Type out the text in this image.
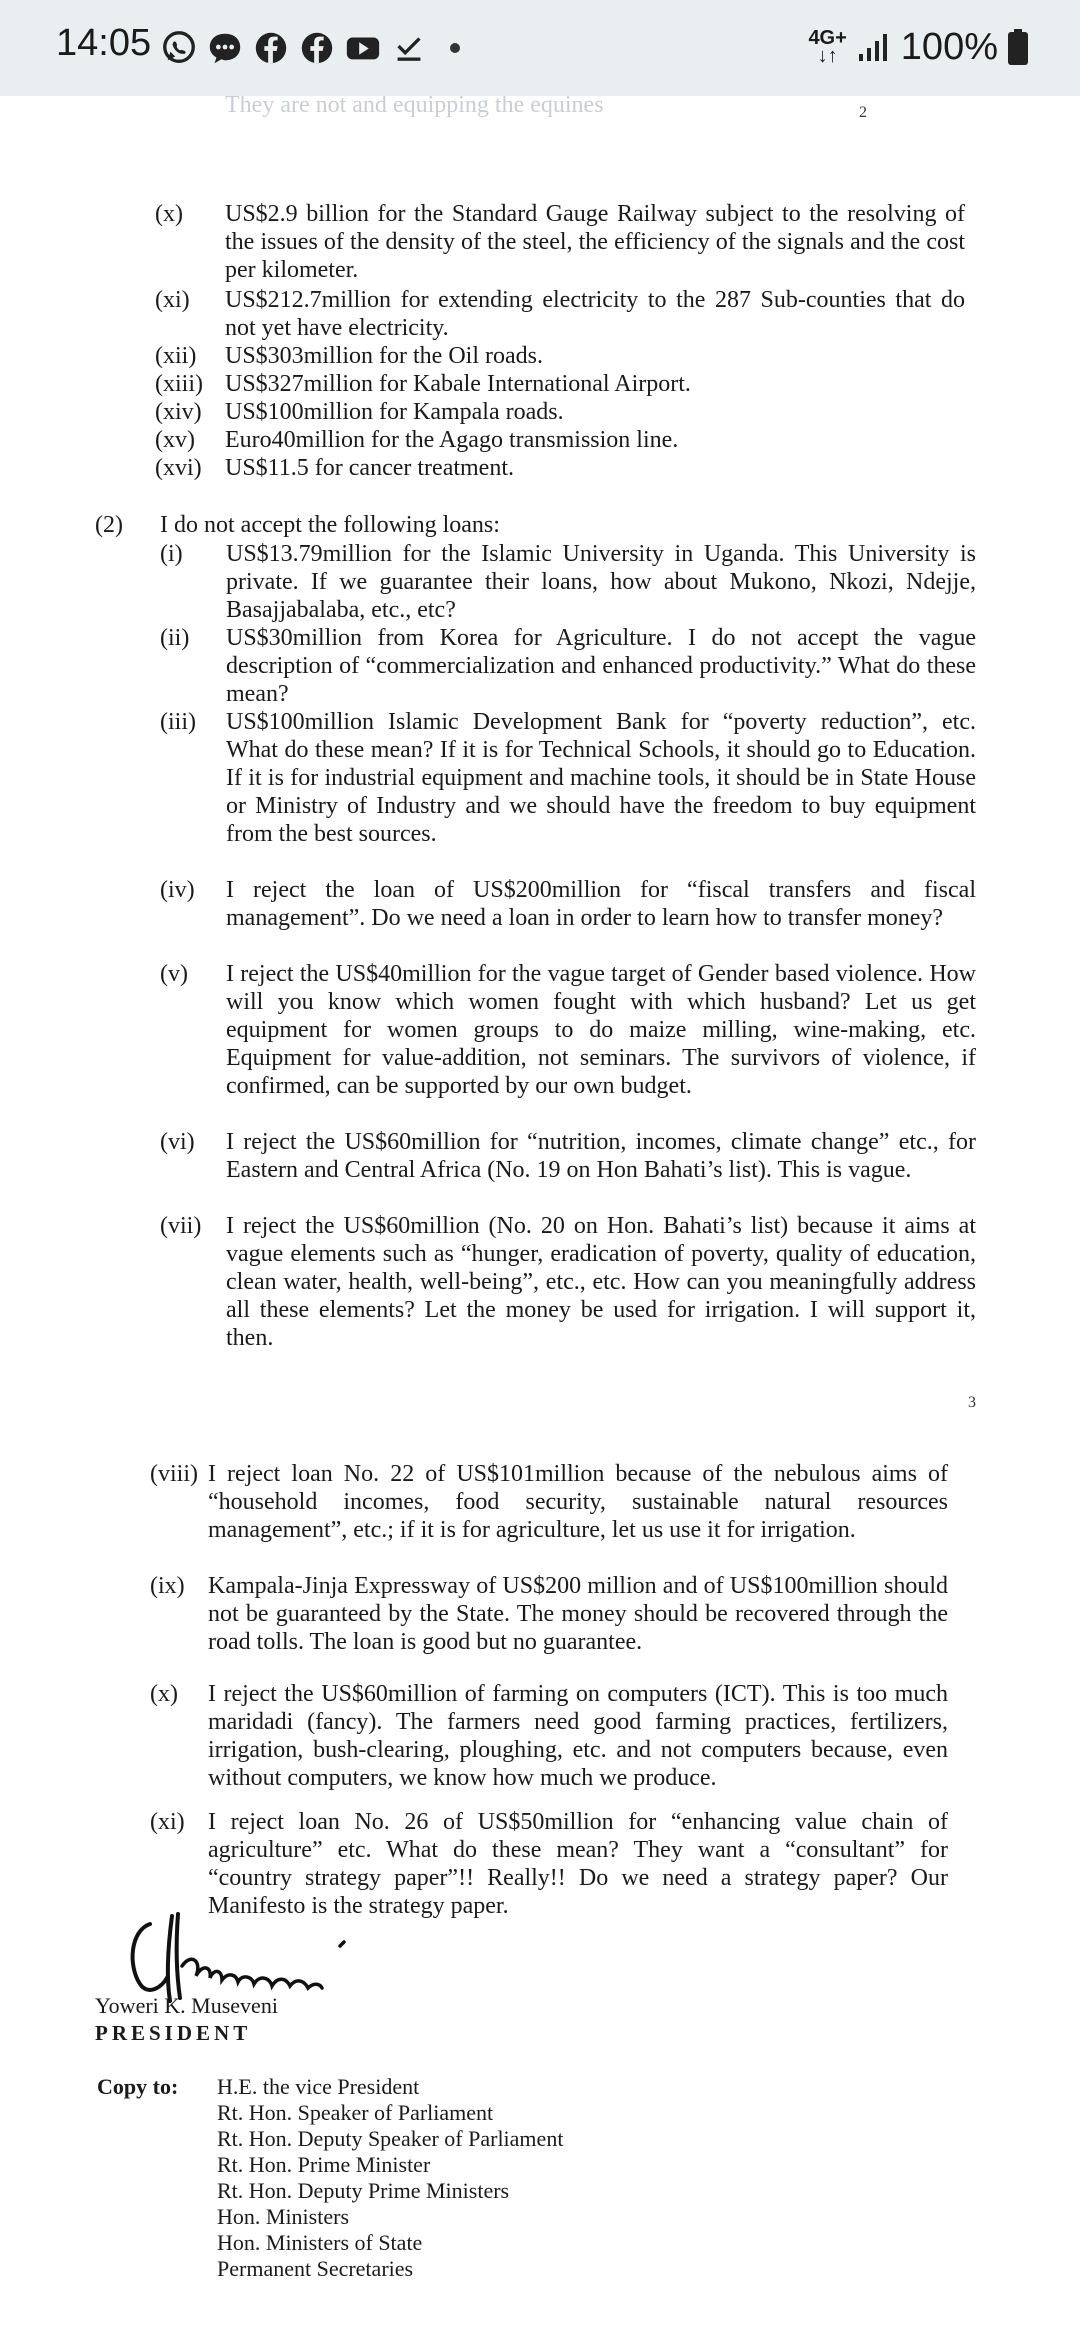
14:05	4G+
↓↑ 100%
They are not and equipping the equines	2
(x) US$2.9 billion for the Standard Gauge Railway subject to the resolving of the issues of the density of the steel, the efficiency of the signals and the cost per kilometer.
(xi) US$212.7million for extending electricity to the 287 Sub-counties that do not yet have electricity.
(xii) US$303million for the Oil roads.
(xiii) US$327million for Kabale International Airport.
(xiv) US$100million for Kampala roads.
(xv) Euro40million for the Agago transmission line.
(xvi) US$11.5 for cancer treatment.
(2) I do not accept the following loans:
(i) US$13.79million for the Islamic University in Uganda. This University is private. If we guarantee their loans, how about Mukono, Nkozi, Ndejje, Basajjabalaba, etc., etc?
(ii) US$30million from Korea for Agriculture. I do not accept the vague description of “commercialization and enhanced productivity.” What do these mean?
(iii) US$100million Islamic Development Bank for “poverty reduction”, etc. What do these mean? If it is for Technical Schools, it should go to Education. If it is for industrial equipment and machine tools, it should be in State House or Ministry of Industry and we should have the freedom to buy equipment from the best sources.
(iv) I reject the loan of US$200million for “fiscal transfers and fiscal management”. Do we need a loan in order to learn how to transfer money?
(v) I reject the US$40million for the vague target of Gender based violence. How will you know which women fought with which husband? Let us get equipment for women groups to do maize milling, wine-making, etc. Equipment for value-addition, not seminars. The survivors of violence, if confirmed, can be supported by our own budget.
(vi) I reject the US$60million for “nutrition, incomes, climate change” etc., for Eastern and Central Africa (No. 19 on Hon Bahati’s list). This is vague.
(vii) I reject the US$60million (No. 20 on Hon. Bahati’s list) because it aims at vague elements such as “hunger, eradication of poverty, quality of education, clean water, health, well-being”, etc., etc. How can you meaningfully address all these elements? Let the money be used for irrigation. I will support it, then.
3
(viii) I reject loan No. 22 of US$101million because of the nebulous aims of “household incomes, food security, sustainable natural resources management”, etc.; if it is for agriculture, let us use it for irrigation.
(ix) Kampala-Jinja Expressway of US$200 million and of US$100million should not be guaranteed by the State. The money should be recovered through the road tolls. The loan is good but no guarantee.
(x) I reject the US$60million of farming on computers (ICT). This is too much maridadi (fancy). The farmers need good farming practices, fertilizers, irrigation, bush-clearing, ploughing, etc. and not computers because, even without computers, we know how much we produce.
(xi) I reject loan No. 26 of US$50million for “enhancing value chain of agriculture” etc. What do these mean? They want a “consultant” for “country strategy paper”!! Really!! Do we need a strategy paper? Our Manifesto is the strategy paper.
Yoweri K. Museveni
PRESIDENT
Copy to: H.E. the vice President
Rt. Hon. Speaker of Parliament
Rt. Hon. Deputy Speaker of Parliament
Rt. Hon. Prime Minister
Rt. Hon. Deputy Prime Ministers
Hon. Ministers
Hon. Ministers of State
Permanent Secretaries
